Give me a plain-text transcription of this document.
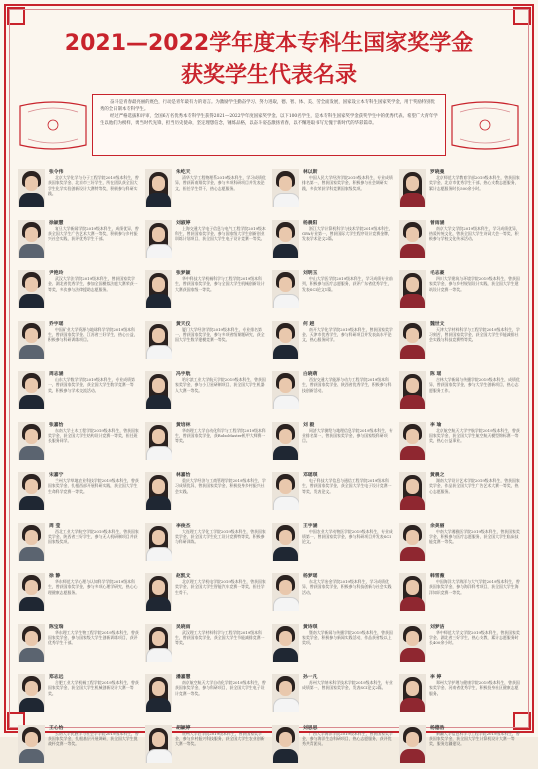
2021—2022学年度本专科生国家奖学金
获奖学生代表名录

奋斗是青春最亮丽的底色，行动是青年最有力的语言。为激励学生勤奋学习、努力进取，德、智、体、美、劳全面发展，国家设立本专科生国家奖学金，用于奖励特别优秀的全日制本专科学生。

经过严格选拔和评审，全国6万名优秀本专科学生获得2021—2022学年度国家奖学金。以下100名学生，是本专科生国家奖学金获奖学生中的优秀代表。希望广大青年学生以他们为榜样，勇当时代先锋，担当历史使命，坚定理想信念，锤炼品格，以奋斗姿态激扬青春，以不懈进取书写无愧于新时代的华彩篇章。

张令伟
北京大学化学与分子工程学院2019级本科生，曾获国家奖学金、北京市三好学生，所在团队获全国大学生化学实验创新设计大赛特等奖，积极参与科研实践。
朱屹天
清华大学工程物理系2019级本科生，学习成绩优异，曾获蒋南翔奖学金，参与多项科研项目并发表论文，担任学生骨干，热心志愿服务。
林以斯
中国人民大学经济学院2019级本科生，专业成绩排名第一，曾获国家奖学金，积极参与社会调研实践，多次荣获学科竞赛国家级奖项。
罗晓曼
北京师范大学教育学部2019级本科生，曾获国家奖学金、北京市优秀学生干部，热心支教志愿服务，累计志愿服务时长500余小时。
徐颖慧
复旦大学新闻学院2019级本科生，成绩优异，曾获全国大学生广告艺术大赛一等奖，积极参与乡村振兴社会实践，获评优秀学生干部。
刘淑婷
上海交通大学电子信息与电气工程学院2019级本科生，曾获国家奖学金，参与国家级大学生创新创业训练计划项目，获全国大学生电子设计竞赛一等奖。
杨晨阳
浙江大学计算机科学与技术学院2019级本科生，GPA专业第一，曾获国际大学生程序设计竞赛金牌，发表学术论文2篇。
曾雨涵
南京大学文学院2019级本科生，学习成绩优异，热爱传统文化，曾获全国大学生诗词大会一等奖，积极参与学校文化传承活动。
尹艳玲
武汉大学法学院2019级本科生，曾获国家奖学金、湖北省优秀学生，参加全国模拟法庭大赛荣获一等奖，多次参与法律援助志愿服务。
张梦颖
华中科技大学机械科学与工程学院2019级本科生，曾获国家奖学金，参与全国大学生机械创新设计大赛获国家级一等奖。
刘明玉
中山大学医学院2019级本科生，学习成绩专业前列，积极参与医疗志愿服务，获评广东省优秀学生，发表SCI论文1篇。
毛志豪
四川大学建筑与环境学院2019级本科生，曾获国家奖学金，参与乡村规划设计实践，获全国大学生建筑设计竞赛一等奖。
乔宇瑶
中国矿业大学资源与地球科学学院2019级本科生，曾获国家奖学金、江苏省三好学生，热心公益，积极参与科研训练项目。
黄天仪
厦门大学经济学院2019级本科生，专业排名第一，曾获国家奖学金，参与多项省级课题研究，获全国大学生数学建模竞赛一等奖。
何 越
南开大学化学学院2019级本科生，曾获国家奖学金、天津市优秀学生，参与科研项目并发表高水平论文，热心服务同学。
魏世文
天津大学材料科学与工程学院2019级本科生，学习刻苦，曾获国家奖学金，获全国大学生节能减排社会实践与科技竞赛特等奖。
周志涵
山东大学数学学院2019级本科生，专业成绩第一，曾获国家奖学金，获全国大学生数学竞赛一等奖，积极参与学术交流活动。
冯宇航
哈尔滨工业大学航天学院2019级本科生，曾获国家奖学金，参与小卫星研制项目，获全国大学生机器人大赛一等奖。
白晓萌
西安交通大学能源与动力工程学院2019级本科生，曾获国家奖学金、陕西省优秀学生，积极参与科技创新活动。
陈 瑶
吉林大学新闻与传播学院2019级本科生，成绩优异，曾获国家奖学金，参与大学生创新项目，热心志愿服务工作。
张嘉怡
东南大学土木工程学院2019级本科生，曾获国家奖学金，获全国大学生结构设计竞赛一等奖，担任班长服务同学。
黄培林
华南理工大学自动化科学与工程学院2019级本科生，曾获国家奖学金，获RoboMaster机甲大师赛一等奖。
刘 毅
同济大学测绘与地理信息学院2019级本科生，专业排名第一，曾获国家奖学金，参与国家级科研项目。
李 瑜
北京航空航天大学宇航学院2019级本科生，曾获国家奖学金，获全国大学生航空航天模型锦标赛一等奖，热心公益事业。
宋嘉宁
兰州大学草地农业科技学院2019级本科生，曾获国家奖学金，扎根西部开展科研实践，获全国大学生生命科学竞赛一等奖。
林嘉怡
重庆大学经济与工商管理学院2019级本科生，学习成绩优异，曾获国家奖学金，积极投身乡村振兴社会实践。
邓瑶琪
电子科技大学信息与通信工程学院2019级本科生，曾获国家奖学金，获全国大学生电子设计竞赛一等奖，发表论文。
黄晨之
湖南大学设计艺术学院2019级本科生，曾获国家奖学金，作品获全国大学生广告艺术大赛一等奖，热心志愿服务。
周 莹
西北工业大学航空学院2019级本科生，曾获国家奖学金、陕西省三好学生，参与无人机研制项目并获国家级奖项。
李俊杰
大连理工大学化工学院2019级本科生，曾获国家奖学金，获全国大学生化工设计竞赛特等奖，积极参与科研训练。
王宇涵
中国农业大学动物医学院2019级本科生，专业成绩第一，曾获国家奖学金，参与科研项目并发表SCI论文。
余美丽
中南大学湘雅医学院2019级本科生，曾获国家奖学金，积极参与医疗志愿服务，获全国大学生临床技能竞赛一等奖。
徐 静
华东师范大学心理与认知科学学院2019级本科生，曾获国家奖学金，参与多项心理学研究，热心心理健康志愿服务。
赵凯文
北京理工大学机电学院2019级本科生，曾获国家奖学金，获全国大学生智能汽车竞赛一等奖，担任学生骨干。
杨梦瑶
东北大学冶金学院2019级本科生，学习成绩优异，曾获国家奖学金，积极参与科技创新与社会实践活动。
韩雪薇
中国海洋大学海洋与大气学院2019级本科生，曾获国家奖学金，参与海洋科考项目，获全国大学生海洋知识竞赛一等奖。
陈宝瑞
华东理工大学生物工程学院2019级本科生，曾获国家奖学金，参与国家级大学生创新训练项目，获评优秀学生干部。
吴晓雨
武汉理工大学材料科学与工程学院2019级本科生，曾获国家奖学金，获全国大学生节能减排竞赛一等奖。
黄诗琪
暨南大学新闻与传播学院2019级本科生，曾获国家奖学金，积极参与新闻实践活动，作品获省级以上奖项。
刘梦洁
华中师范大学文学院2019级本科生，曾获国家奖学金、湖北省三好学生，热心支教，累计志愿服务时长400余小时。
郑志远
合肥工业大学机械工程学院2019级本科生，曾获国家奖学金，获全国大学生机械创新设计大赛一等奖。
潘嘉慧
南京航空航天大学自动化学院2019级本科生，曾获国家奖学金，参与科研项目，获全国大学生电子设计竞赛一等奖。
孙一凡
苏州大学纳米科学技术学院2019级本科生，专业成绩第一，曾获国家奖学金，发表SCI论文2篇。
李 婷
郑州大学护理与健康学院2019级本科生，曾获国家奖学金、河南省优秀学生，积极投身社区健康志愿服务。
王心怡
云南大学民族学与社会学学院2019级本科生，曾获国家奖学金，扎根基层开展调研，获全国大学生挑战杯竞赛一等奖。
胡颖婷
贵州大学农学院2019级本科生，曾获国家奖学金，参与乡村振兴科技服务，获全国大学生农业创新大赛一等奖。
刘思思
广西大学海洋学院2019级本科生，曾获国家奖学金，参与海洋生态科研项目，热心志愿服务，获评优秀共青团员。
杨德浩
新疆大学信息科学与工程学院2019级本科生，曾获国家奖学金，获全国大学生计算机设计大赛一等奖，服务边疆建设。
